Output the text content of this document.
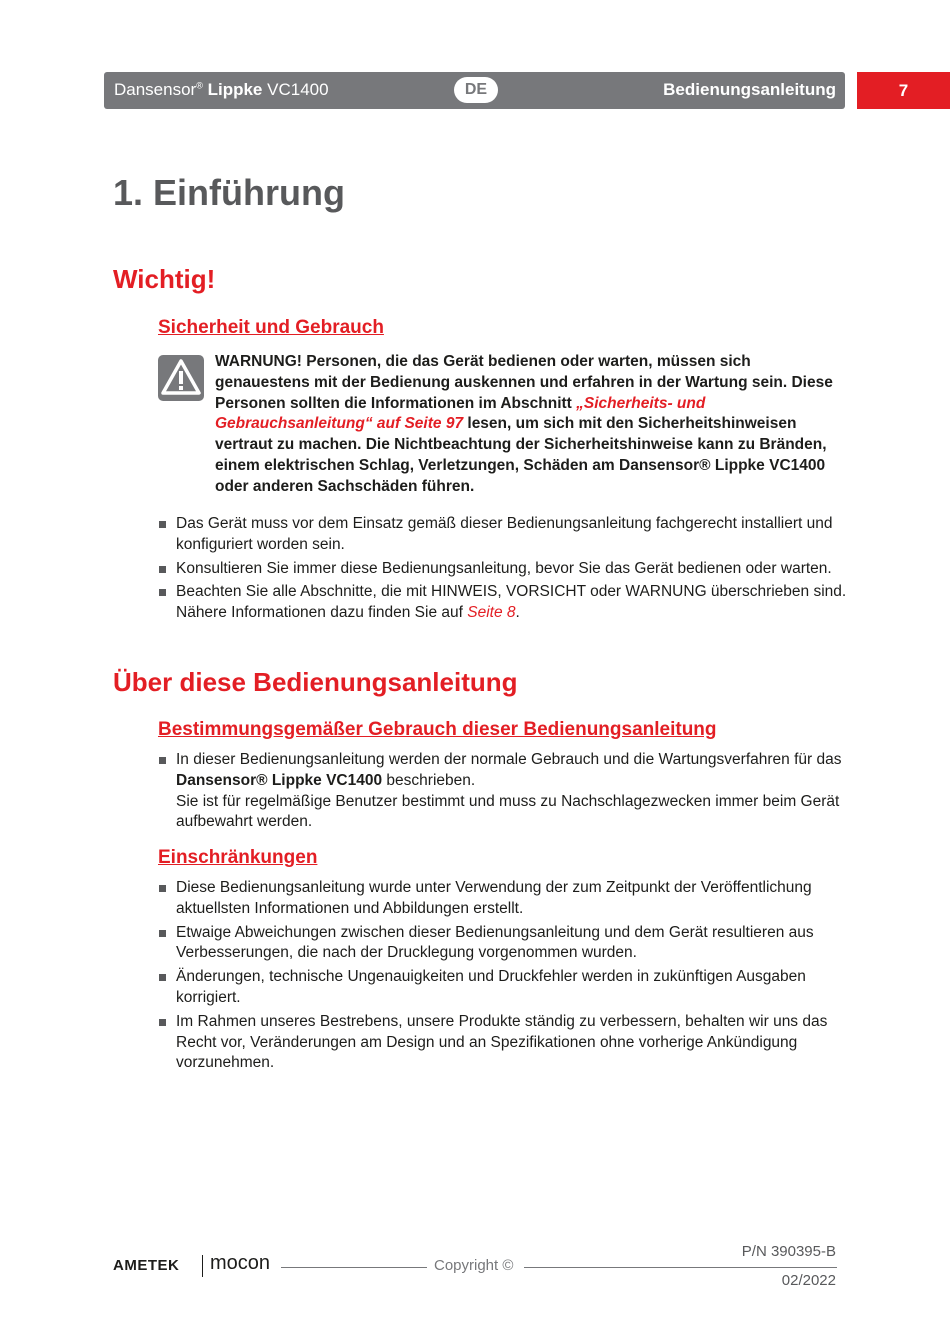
Dansensor® Lippke VC1400	DE	Bedienungsanleitung	7
1. Einführung
Wichtig!
Sicherheit und Gebrauch
WARNUNG! Personen, die das Gerät bedienen oder warten, müssen sich genauestens mit der Bedienung auskennen und erfahren in der Wartung sein. Diese Personen sollten die Informationen im Abschnitt „Sicherheits- und Gebrauchsanleitung“ auf Seite 97 lesen, um sich mit den Sicherheitshinweisen vertraut zu machen. Die Nichtbeachtung der Sicherheitshinweise kann zu Bränden, einem elektrischen Schlag, Verletzungen, Schäden am Dansensor® Lippke VC1400 oder anderen Sachschäden führen.
Das Gerät muss vor dem Einsatz gemäß dieser Bedienungsanleitung fachgerecht installiert und konfiguriert worden sein.
Konsultieren Sie immer diese Bedienungsanleitung, bevor Sie das Gerät bedienen oder warten.
Beachten Sie alle Abschnitte, die mit HINWEIS, VORSICHT oder WARNUNG überschrieben sind. Nähere Informationen dazu finden Sie auf Seite 8.
Über diese Bedienungsanleitung
Bestimmungsgemäßer Gebrauch dieser Bedienungsanleitung
In dieser Bedienungsanleitung werden der normale Gebrauch und die Wartungsverfahren für das Dansensor® Lippke VC1400 beschrieben.
Sie ist für regelmäßige Benutzer bestimmt und muss zu Nachschlagezwecken immer beim Gerät aufbewahrt werden.
Einschränkungen
Diese Bedienungsanleitung wurde unter Verwendung der zum Zeitpunkt der Veröffentlichung aktuellsten Informationen und Abbildungen erstellt.
Etwaige Abweichungen zwischen dieser Bedienungsanleitung und dem Gerät resultieren aus Verbesserungen, die nach der Drucklegung vorgenommen wurden.
Änderungen, technische Ungenauigkeiten und Druckfehler werden in zukünftigen Ausgaben korrigiert.
Im Rahmen unseres Bestrebens, unsere Produkte ständig zu verbessern, behalten wir uns das Recht vor, Veränderungen am Design und an Spezifikationen ohne vorherige Ankündigung vorzunehmen.
AMETEK mocon	Copyright ©
P/N 390395-B
02/2022
